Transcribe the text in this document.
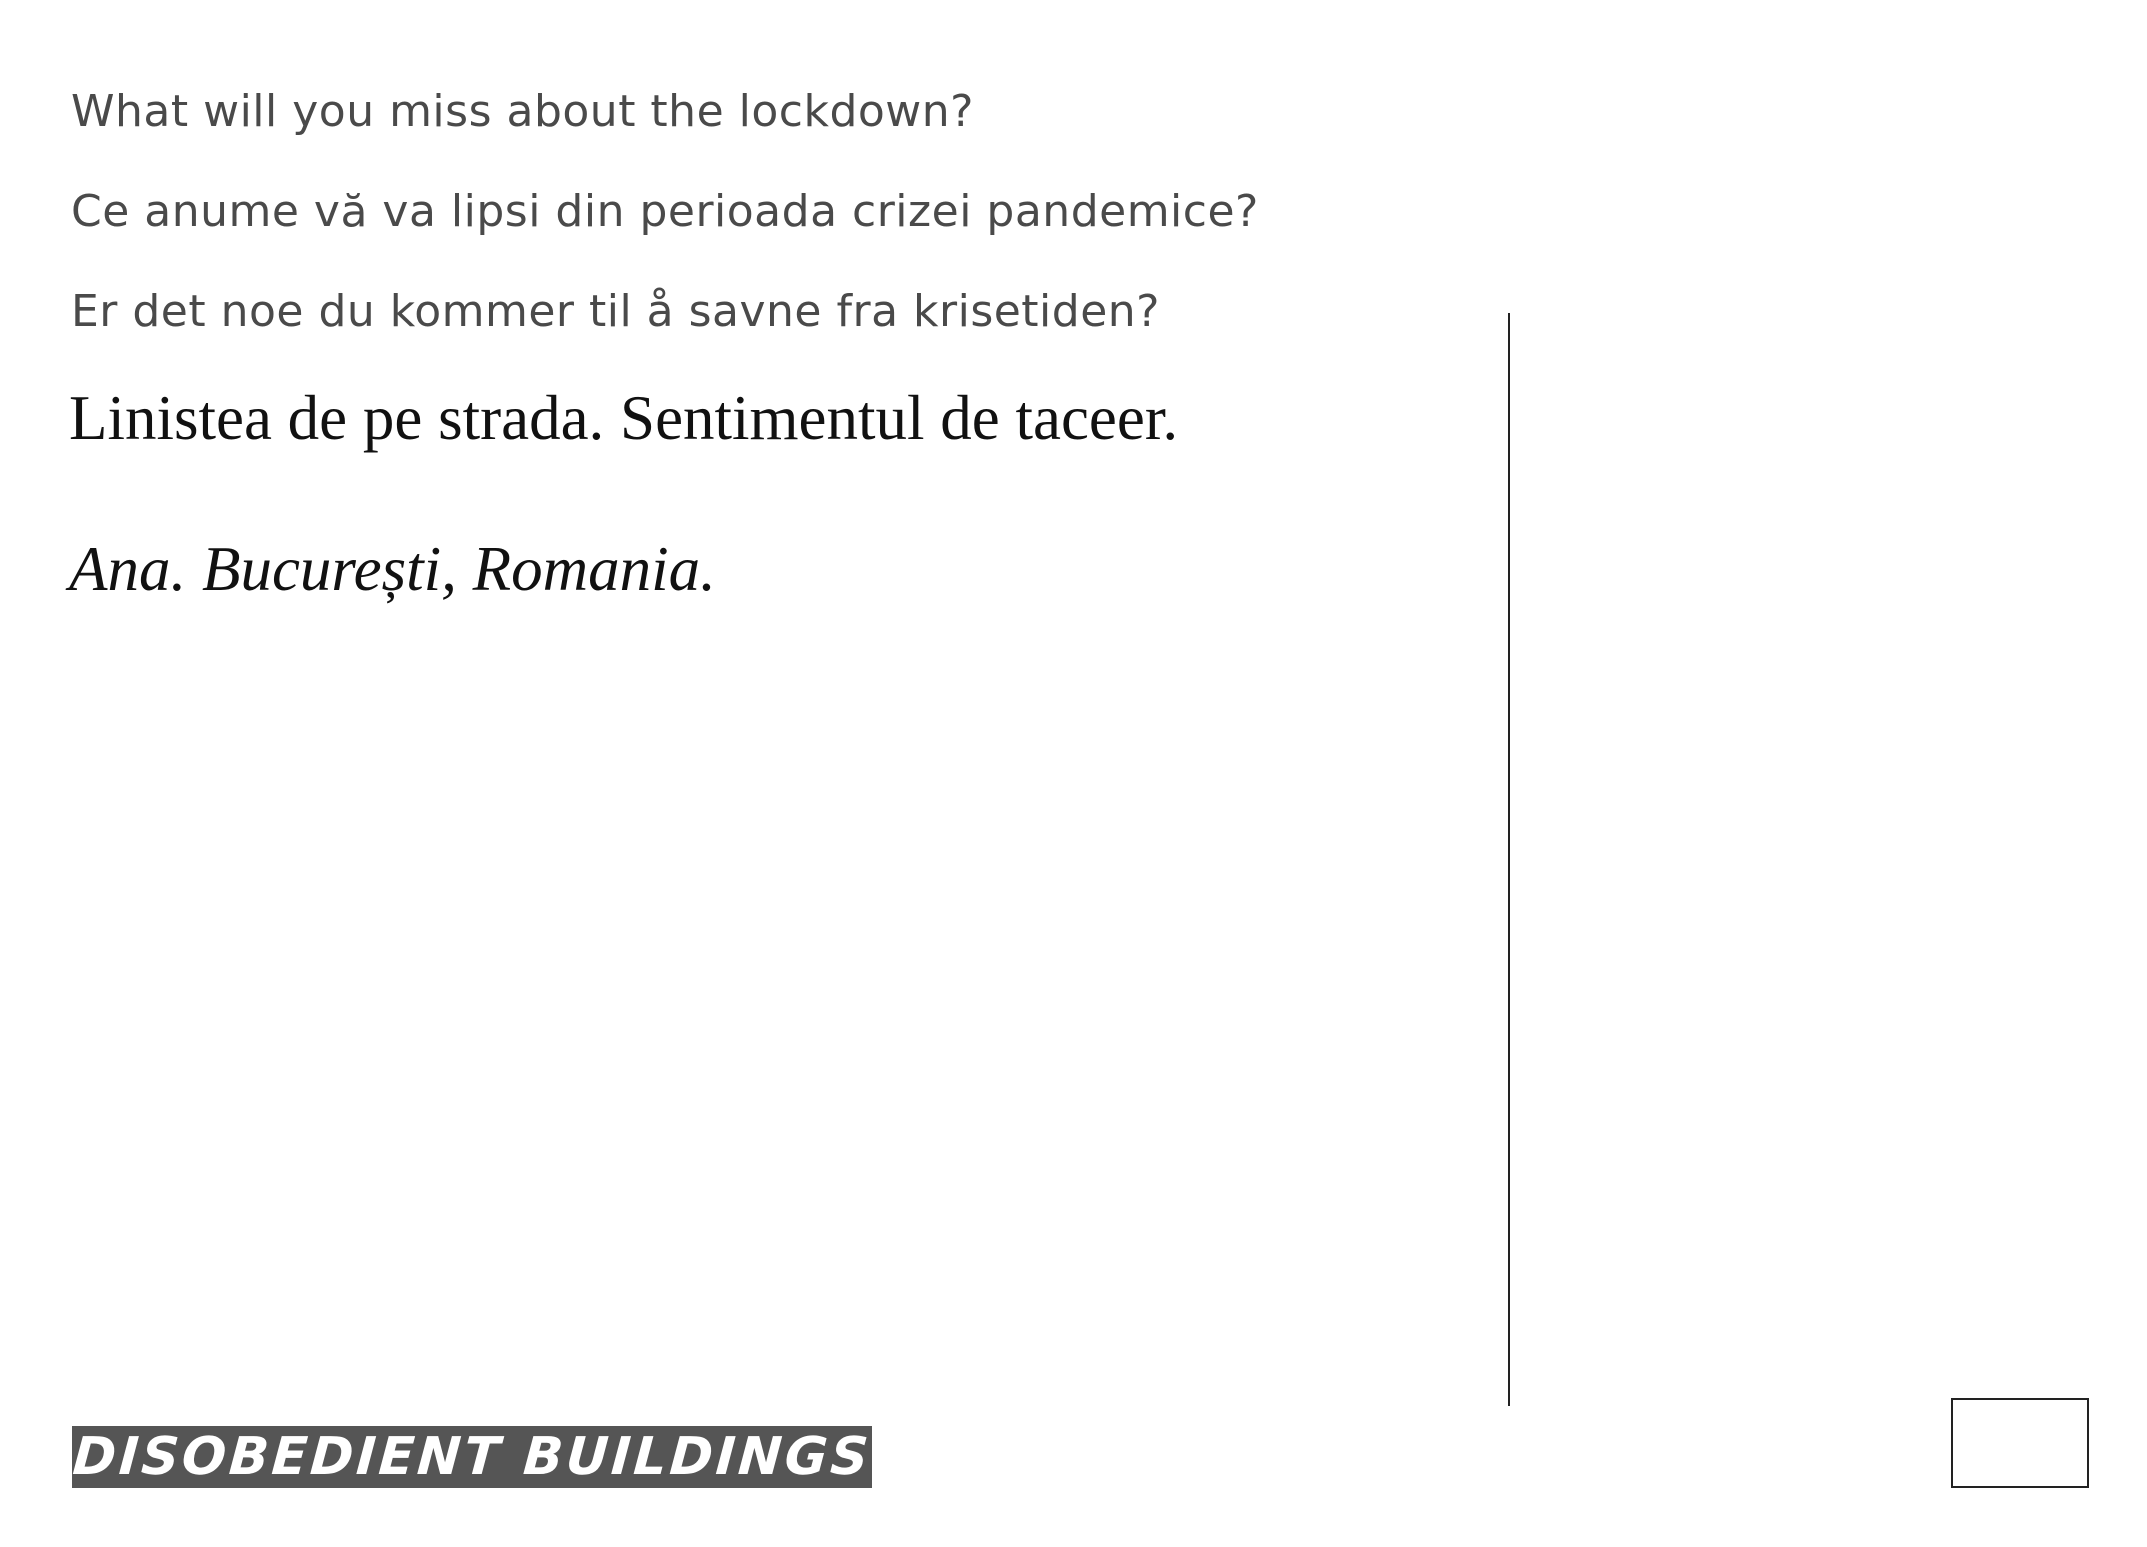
What will you miss about the lockdown?
Ce anume vă va lipsi din perioada crizei pandemice?
Er det noe du kommer til å savne fra krisetiden?

Linistea de pe strada. Sentimentul de taceer.

Ana. București, Romania.

DISOBEDIENT BUILDINGS
